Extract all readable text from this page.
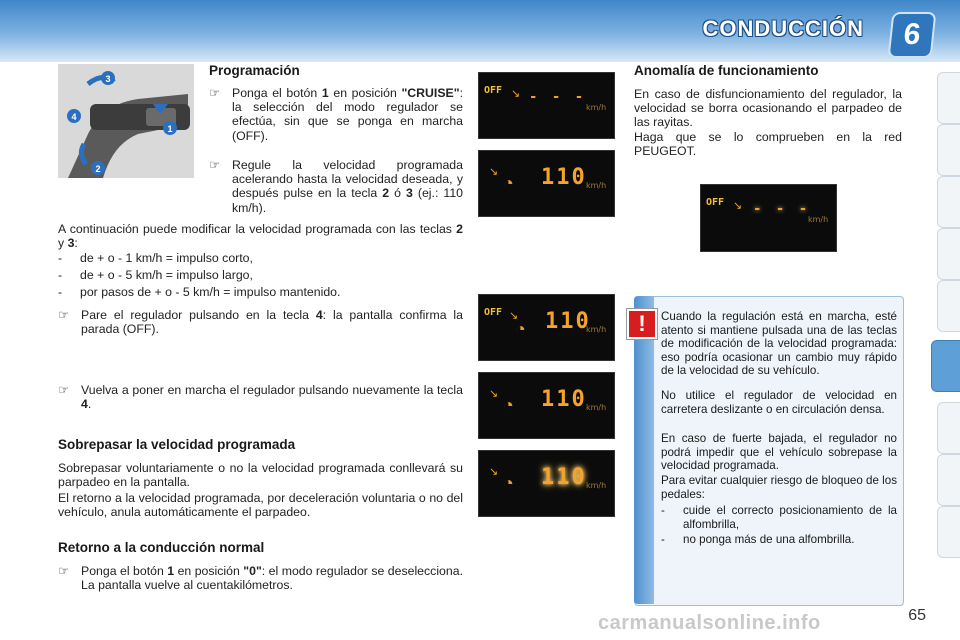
CONDUCCIÓN	6
3
4
1
2
Programación
☞ Ponga el botón 1 en posición "CRUISE": la selección del modo regulador se efectúa, sin que se ponga en marcha (OFF).
☞ Regule la velocidad programada acelerando hasta la velocidad deseada, y después pulse en la tecla 2 ó 3 (ej.: 110 km/h).
A continuación puede modificar la velocidad programada con las teclas 2 y 3:
- de + o - 1 km/h = impulso corto,
- de + o - 5 km/h = impulso largo,
- por pasos de + o - 5 km/h = impulso mantenido.
☞ Pare el regulador pulsando en la tecla 4: la pantalla confirma la parada (OFF).
☞ Vuelva a poner en marcha el regulador pulsando nuevamente la tecla 4.
Sobrepasar la velocidad programada
Sobrepasar voluntariamente o no la velocidad programada conllevará su parpadeo en la pantalla.
El retorno a la velocidad programada, por deceleración voluntaria o no del vehículo, anula automáticamente el parpadeo.
Retorno a la conducción normal
☞ Ponga el botón 1 en posición "0": el modo regulador se deselecciona. La pantalla vuelve al cuentakilómetros.
OFF ↘ - - -
km/h
↘
◔ 110 km/h
OFF ↘
◔ 110
km/h
↘
◔ 110 km/h
↘
◔ 110 km/h
Anomalía de funcionamiento
En caso de disfuncionamiento del regulador, la velocidad se borra ocasionando el parpadeo de las rayitas.
Haga que se lo comprueben en la red PEUGEOT.
OFF ↘ - - -
km/h
!	Cuando la regulación está en marcha, esté atento si mantiene pulsada una de las teclas de modificación de la velocidad programada: eso podría ocasionar un cambio muy rápido de la velocidad de su vehículo.
No utilice el regulador de velocidad en carretera deslizante o en circulación densa.
En caso de fuerte bajada, el regulador no podrá impedir que el vehículo sobrepase la velocidad programada.
Para evitar cualquier riesgo de bloqueo de los pedales:
- cuide el correcto posicionamiento de la alfombrilla,
- no ponga más de una alfombrilla.
carmanualsonline.info	65
